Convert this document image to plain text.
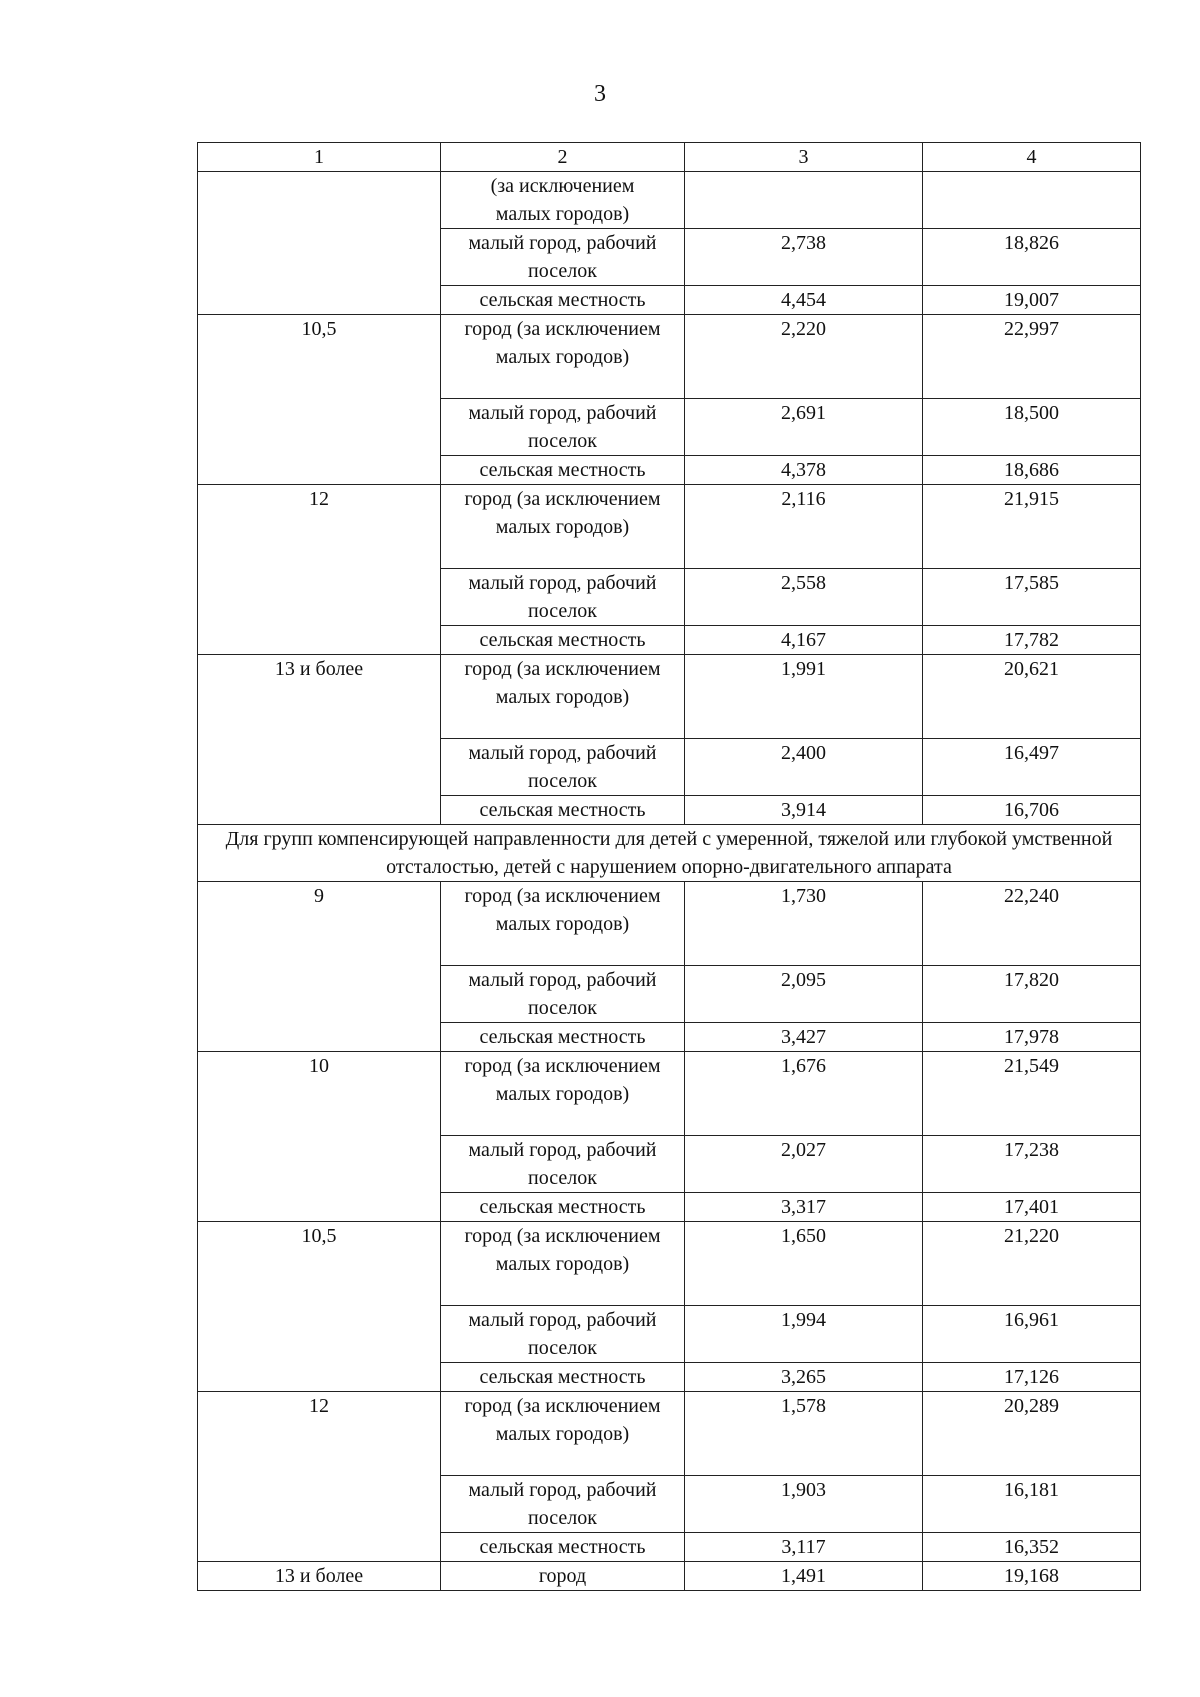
3
1	2	3	4
	(за исключением малых городов)		
	малый город, рабочий поселок	2,738	18,826
	сельская местность	4,454	19,007
10,5	город (за исключением малых городов)	2,220	22,997
	малый город, рабочий поселок	2,691	18,500
	сельская местность	4,378	18,686
12	город (за исключением малых городов)	2,116	21,915
	малый город, рабочий поселок	2,558	17,585
	сельская местность	4,167	17,782
13 и более	город (за исключением малых городов)	1,991	20,621
	малый город, рабочий поселок	2,400	16,497
	сельская местность	3,914	16,706
Для групп компенсирующей направленности для детей с умеренной, тяжелой или глубокой умственной отсталостью, детей с нарушением опорно-двигательного аппарата			
9	город (за исключением малых городов)	1,730	22,240
	малый город, рабочий поселок	2,095	17,820
	сельская местность	3,427	17,978
10	город (за исключением малых городов)	1,676	21,549
	малый город, рабочий поселок	2,027	17,238
	сельская местность	3,317	17,401
10,5	город (за исключением малых городов)	1,650	21,220
	малый город, рабочий поселок	1,994	16,961
	сельская местность	3,265	17,126
12	город (за исключением малых городов)	1,578	20,289
	малый город, рабочий поселок	1,903	16,181
	сельская местность	3,117	16,352
13 и более	город	1,491	19,168
